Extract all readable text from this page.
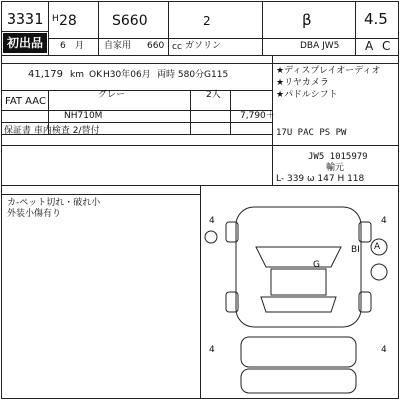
3331
初出品
H 28	S660	2	β	4.5
6 月 自家用 660 cc ガソリン	DBA JW5 A C
41,179 km OK H30年06月 両時 580分G115
FAT AAC
グレー	2人
NH710M	7,790＋
保証書 車内検査 2/替付
★ディスプレイオーディオ
★リヤカメラ
★パドルシフト
17U PAC PS PW
JW5 1015979
輸元
L- 339 ω 147 H 118
カ-ペット切れ・破れ小
外装小傷有り
4	4
G
BI A
4	4
